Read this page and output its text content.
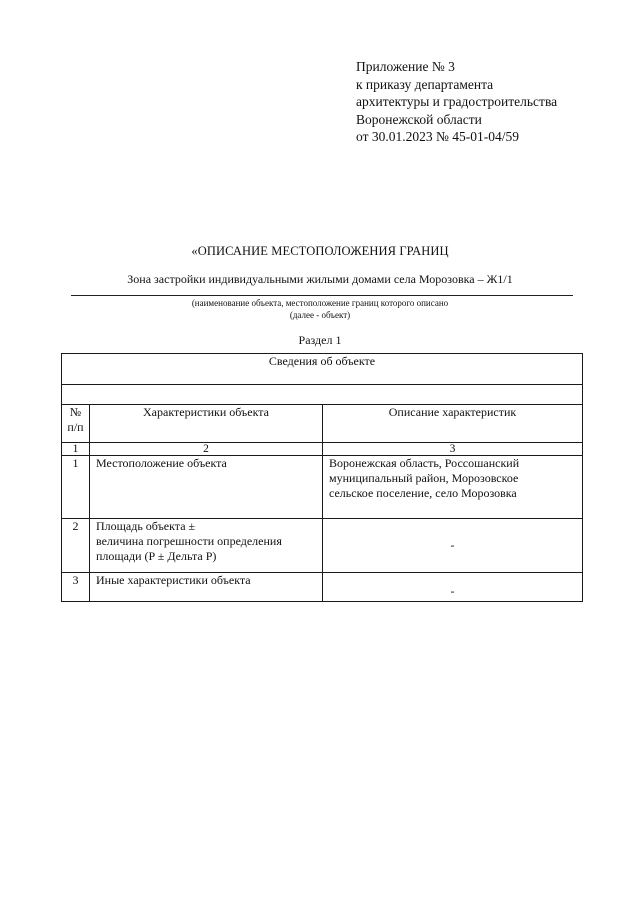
Приложение № 3
к приказу департамента
архитектуры и градостроительства
Воронежской области
от 30.01.2023 № 45-01-04/59
«ОПИСАНИЕ МЕСТОПОЛОЖЕНИЯ ГРАНИЦ
Зона застройки индивидуальными жилыми домами села Морозовка – Ж1/1
(наименование объекта, местоположение границ которого описано
(далее - объект)
Раздел 1
Сведения об объекте		

№
п/п	Характеристики объекта	Описание характеристик
1	2	3
1	Местоположение объекта	Воронежская область, Россошанский
муниципальный район, Морозовское
сельское поселение, село Морозовка

2	Площадь объекта ±
величина погрешности определения
площади (P ± Дельта P)	-
3	Иные характеристики объекта	-
